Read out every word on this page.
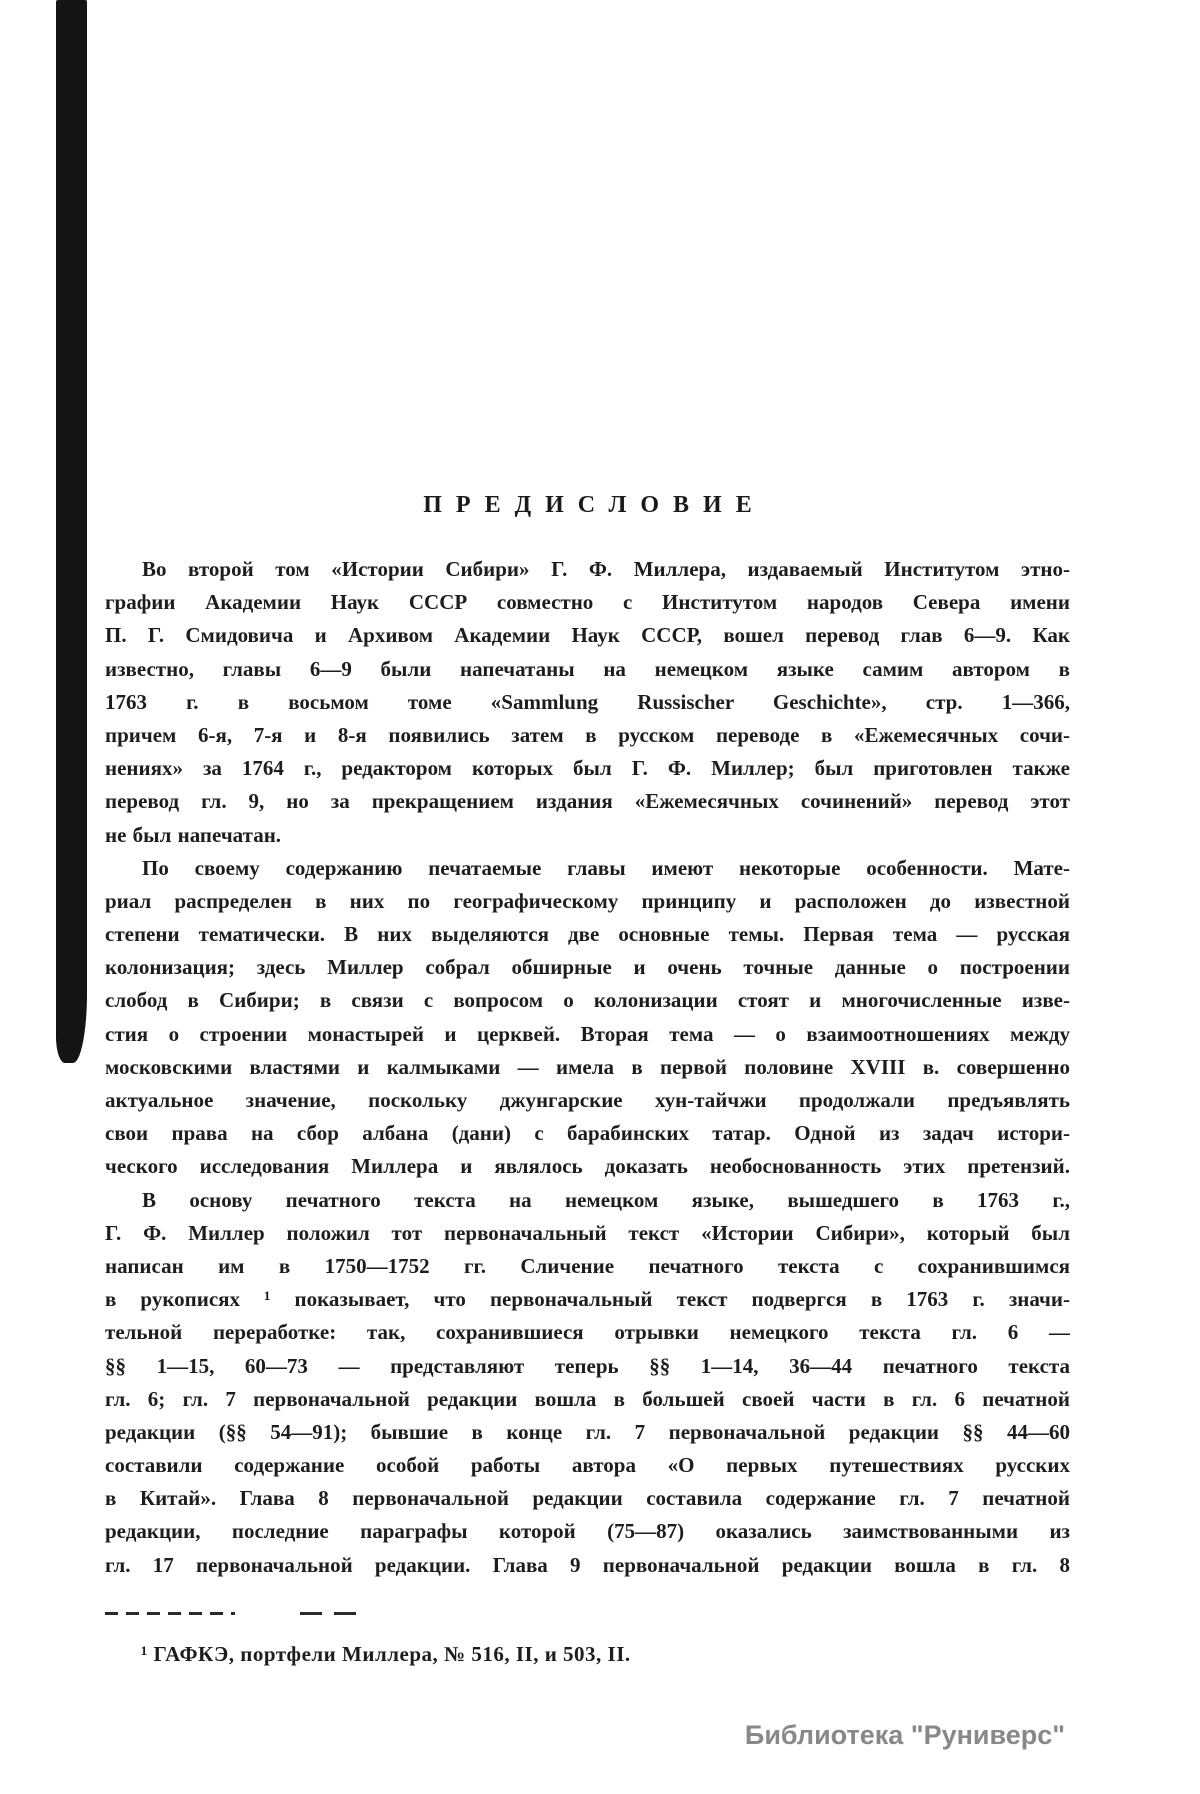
ПРЕДИСЛОВИЕ
Во второй том «Истории Сибири» Г. Ф. Миллера, издаваемый Институтом этно-
графии Академии Наук СССР совместно с Институтом народов Севера имени
П. Г. Смидовича и Архивом Академии Наук СССР, вошел перевод глав 6—9. Как
известно, главы 6—9 были напечатаны на немецком языке самим автором в
1763 г. в восьмом томе «Sammlung Russischer Geschichte», стр. 1—366,
причем 6-я, 7-я и 8-я появились затем в русском переводе в «Ежемесячных сочи-
нениях» за 1764 г., редактором которых был Г. Ф. Миллер; был приготовлен также
перевод гл. 9, но за прекращением издания «Ежемесячных сочинений» перевод этот
не был напечатан.
По своему содержанию печатаемые главы имеют некоторые особенности. Мате-
риал распределен в них по географическому принципу и расположен до известной
степени тематически. В них выделяются две основные темы. Первая тема — русская
колонизация; здесь Миллер собрал обширные и очень точные данные о построении
слобод в Сибири; в связи с вопросом о колонизации стоят и многочисленные изве-
стия о строении монастырей и церквей. Вторая тема — о взаимоотношениях между
московскими властями и калмыками — имела в первой половине XVIII в. совершенно
актуальное значение, поскольку джунгарские хун-тайчжи продолжали предъявлять
свои права на сбор албана (дани) с барабинских татар. Одной из задач истори-
ческого исследования Миллера и являлось доказать необоснованность этих претензий.
В основу печатного текста на немецком языке, вышедшего в 1763 г.,
Г. Ф. Миллер положил тот первоначальный текст «Истории Сибири», который был
написан им в 1750—1752 гг. Сличение печатного текста с сохранившимся
в рукописях ¹ показывает, что первоначальный текст подвергся в 1763 г. значи-
тельной переработке: так, сохранившиеся отрывки немецкого текста гл. 6 —
§§ 1—15, 60—73 — представляют теперь §§ 1—14, 36—44 печатного текста
гл. 6; гл. 7 первоначальной редакции вошла в большей своей части в гл. 6 печатной
редакции (§§ 54—91); бывшие в конце гл. 7 первоначальной редакции §§ 44—60
составили содержание особой работы автора «О первых путешествиях русских
в Китай». Глава 8 первоначальной редакции составила содержание гл. 7 печатной
редакции, последние параграфы которой (75—87) оказались заимствованными из
гл. 17 первоначальной редакции. Глава 9 первоначальной редакции вошла в гл. 8
¹ ГАФКЭ, портфели Миллера, № 516, II, и 503, II.
Библиотека "Руниверс"
